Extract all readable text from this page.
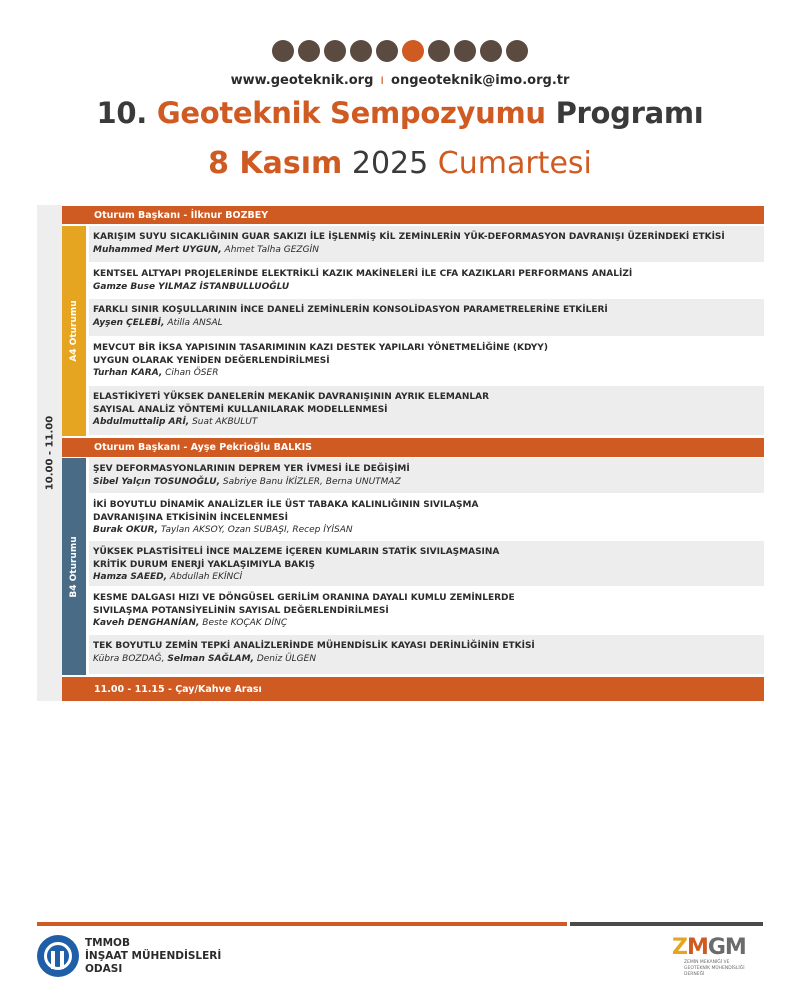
www.geoteknik.org ı ongeoteknik@imo.org.tr
10. Geoteknik Sempozyumu Programı
8 Kasım 2025 Cumartesi
10.00 - 11.00
Oturum Başkanı - İlknur BOZBEY
A4 Oturumu
KARIŞIM SUYU SICAKLIĞININ GUAR SAKIZI İLE İŞLENMİŞ KİL ZEMİNLERİN YÜK-DEFORMASYON DAVRANIŞI ÜZERİNDEKİ ETKİSİ
Muhammed Mert UYGUN, Ahmet Talha GEZGİN
KENTSEL ALTYAPI PROJELERİNDE ELEKTRİKLİ KAZIK MAKİNELERİ İLE CFA KAZIKLARI PERFORMANS ANALİZİ
Gamze Buse YILMAZ İSTANBULLUOĞLU
FARKLI SINIR KOŞULLARININ İNCE DANELİ ZEMİNLERİN KONSOLİDASYON PARAMETRELERİNE ETKİLERİ
Ayşen ÇELEBİ, Atilla ANSAL
MEVCUT BİR İKSA YAPISININ TASARIMININ KAZI DESTEK YAPILARI YÖNETMELİĞİNE (KDYY) UYGUN OLARAK YENİDEN DEĞERLENDİRİLMESİ
Turhan KARA, Cihan ÖSER
ELASTİKİYETİ YÜKSEK DANELERİN MEKANİK DAVRANIŞININ AYRIK ELEMANLAR SAYISAL ANALİZ YÖNTEMİ KULLANILARAK MODELLENMESİ
Abdulmuttalip ARİ, Suat AKBULUT
Oturum Başkanı - Ayşe Pekrioğlu BALKIS
B4 Oturumu
ŞEV DEFORMASYONLARININ DEPREM YER İVMESİ İLE DEĞİŞİMİ
Sibel Yalçın TOSUNOĞLU, Sabriye Banu İKİZLER, Berna UNUTMAZ
İKİ BOYUTLU DİNAMİK ANALİZLER İLE ÜST TABAKA KALINLIĞININ SIVILAŞMA DAVRANIŞINA ETKİSİNİN İNCELENMESİ
Burak OKUR, Taylan AKSOY, Ozan SUBAŞI, Recep İYİSAN
YÜKSEK PLASTİSİTELİ İNCE MALZEME İÇEREN KUMLARIN STATİK SIVILAŞMASINA KRİTİK DURUM ENERJİ YAKLAŞIMIYLA BAKIŞ
Hamza SAEED, Abdullah EKİNCİ
KESME DALGASI HIZI VE DÖNGÜSEL GERİLİM ORANINA DAYALI KUMLU ZEMİNLERDE SIVILAŞMA POTANSİYELİNİN SAYISAL DEĞERLENDİRİLMESİ
Kaveh DENGHANİAN, Beste KOÇAK DİNÇ
TEK BOYUTLU ZEMİN TEPKİ ANALİZLERİNDE MÜHENDİSLİK KAYASI DERİNLİĞİNİN ETKİSİ
Kübra BOZDAĞ, Selman SAĞLAM, Deniz ÜLGEN
11.00 - 11.15 - Çay/Kahve Arası
TMMOB
İNŞAAT MÜHENDİSLERİ
ODASI
ZMGM
ZEMİN MEKANİĞİ VE GEOTEKNİK MÜHENDİSLİĞİ DERNEĞİ
